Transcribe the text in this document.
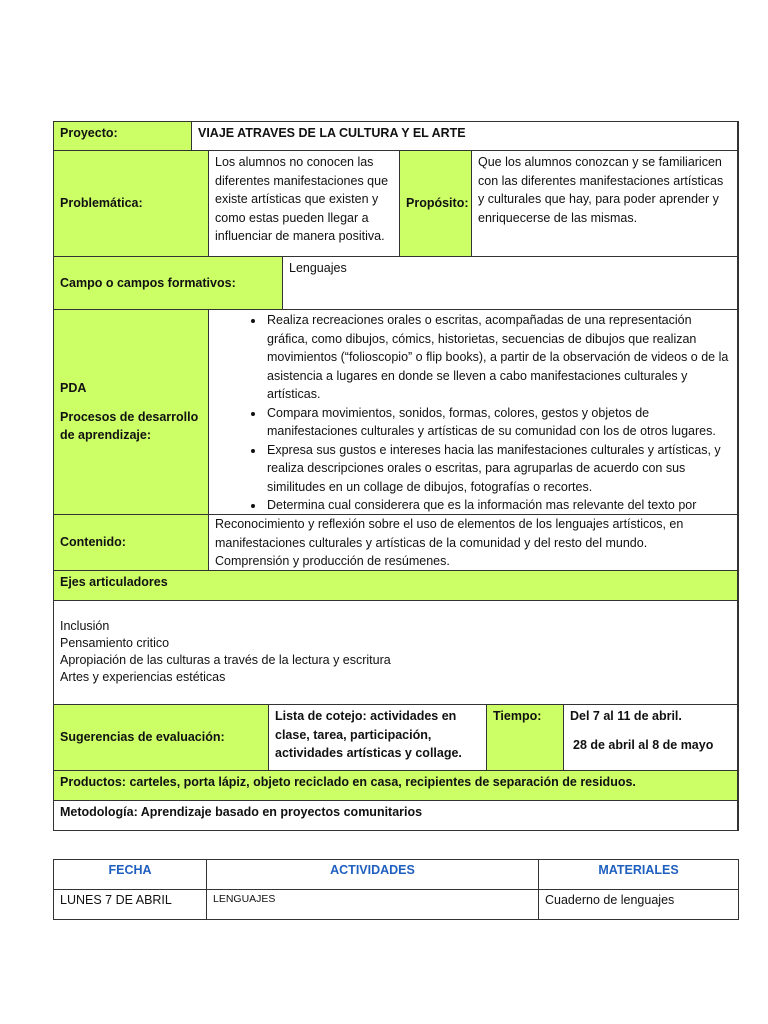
Proyecto:	VIAJE ATRAVES DE LA CULTURA Y EL ARTE
Problemática:
Los alumnos no conocen las diferentes manifestaciones que existe artísticas que existen y como estas pueden llegar a influenciar de manera positiva.
Propósito:
Que los alumnos conozcan y se familiaricen con las diferentes manifestaciones artísticas y culturales que hay, para poder aprender y enriquecerse de las mismas.
Campo o campos formativos:
Lenguajes
PDA
Procesos de desarrollo de aprendizaje:
• Realiza recreaciones orales o escritas, acompañadas de una representación gráfica, como dibujos, cómics, historietas, secuencias de dibujos que realizan movimientos (“folioscopio” o flip books), a partir de la observación de videos o de la asistencia a lugares en donde se lleven a cabo manifestaciones culturales y artísticas.
• Compara movimientos, sonidos, formas, colores, gestos y objetos de manifestaciones culturales y artísticas de su comunidad con los de otros lugares.
• Expresa sus gustos e intereses hacia las manifestaciones culturales y artísticas, y realiza descripciones orales o escritas, para agruparlas de acuerdo con sus similitudes en un collage de dibujos, fotografías o recortes.
• Determina cual considerera que es la información mas relevante del texto por
Contenido:
Reconocimiento y reflexión sobre el uso de elementos de los lenguajes artísticos, en manifestaciones culturales y artísticas de la comunidad y del resto del mundo.
Comprensión y producción de resúmenes.
Ejes articuladores
Inclusión
Pensamiento critico
Apropiación de las culturas a través de la lectura y escritura
Artes y experiencias estéticas
Sugerencias de evaluación:
Lista de cotejo: actividades en clase, tarea, participación, actividades artísticas y collage.
Tiempo:	Del 7 al 11 de abril.
28 de abril al 8 de mayo
Productos: carteles, porta lápiz, objeto reciclado en casa, recipientes de separación de residuos.
Metodología: Aprendizaje basado en proyectos comunitarios
FECHA	ACTIVIDADES	MATERIALES
LUNES 7 DE ABRIL	LENGUAJES	Cuaderno de lenguajes
